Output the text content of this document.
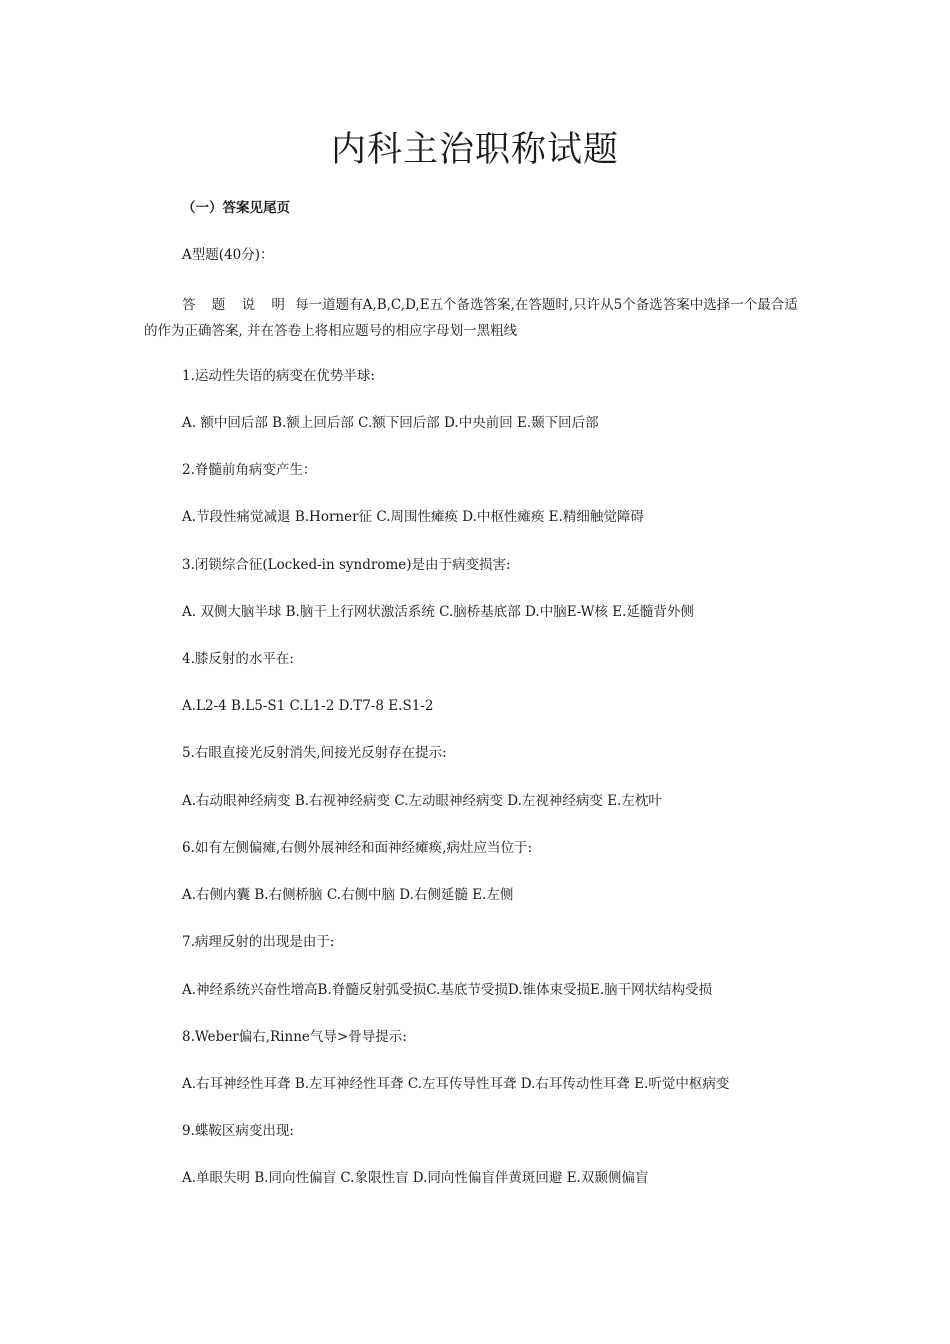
内科主治职称试题
（一）答案见尾页
A型题(40分)：
答 题 说 明 每一道题有A,B,C,D,E五个备选答案,在答题时,只许从5个备选答案中选择一个最合适的作为正确答案, 并在答卷上将相应题号的相应字母划一黑粗线
1.运动性失语的病变在优势半球:
A. 额中回后部 B.额上回后部 C.额下回后部 D.中央前回 E.颞下回后部
2.脊髓前角病变产生：
A.节段性痛觉减退 B.Horner征 C.周围性瘫痪 D.中枢性瘫痪 E.精细触觉障碍
3.闭锁综合征(Locked-in syndrome)是由于病变损害:
A. 双侧大脑半球 B.脑干上行网状激活系统 C.脑桥基底部 D.中脑E-W核 E.延髓背外侧
4.膝反射的水平在:
A.L2-4 B.L5-S1 C.L1-2 D.T7-8 E.S1-2
5.右眼直接光反射消失,间接光反射存在提示:
A.右动眼神经病变 B.右视神经病变 C.左动眼神经病变 D.左视神经病变 E.左枕叶
6.如有左侧偏瘫,右侧外展神经和面神经瘫痪,病灶应当位于:
A.右侧内囊 B.右侧桥脑 C.右侧中脑 D.右侧延髓 E.左侧
7.病理反射的出现是由于:
A.神经系统兴奋性增高B.脊髓反射弧受损C.基底节受损D.锥体束受损E.脑干网状结构受损
8.Weber偏右,Rinne气导>骨导提示:
A.右耳神经性耳聋 B.左耳神经性耳聋 C.左耳传导性耳聋 D.右耳传动性耳聋 E.听觉中枢病变
9.蝶鞍区病变出现:
A.单眼失明 B.同向性偏盲 C.象限性盲 D.同向性偏盲伴黄斑回避 E.双颞侧偏盲
